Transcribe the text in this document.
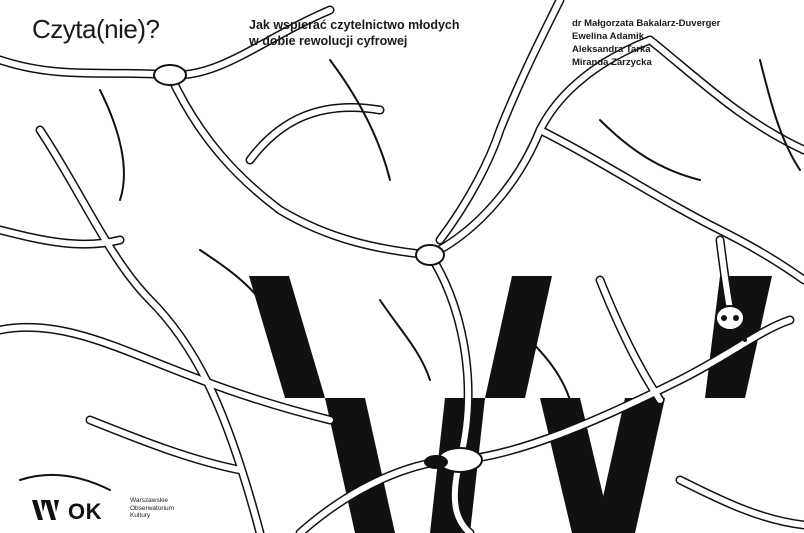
Czyta(nie)?	Jak wspierać czytelnictwo młodych
w dobie rewolucji cyfrowej
dr Małgorzata Bakalarz-Duverger
Ewelina Adamik
Aleksandra Tarka
Miranda Zarzycka
OK	Warszawskie
Obserwatorium
Kultury
